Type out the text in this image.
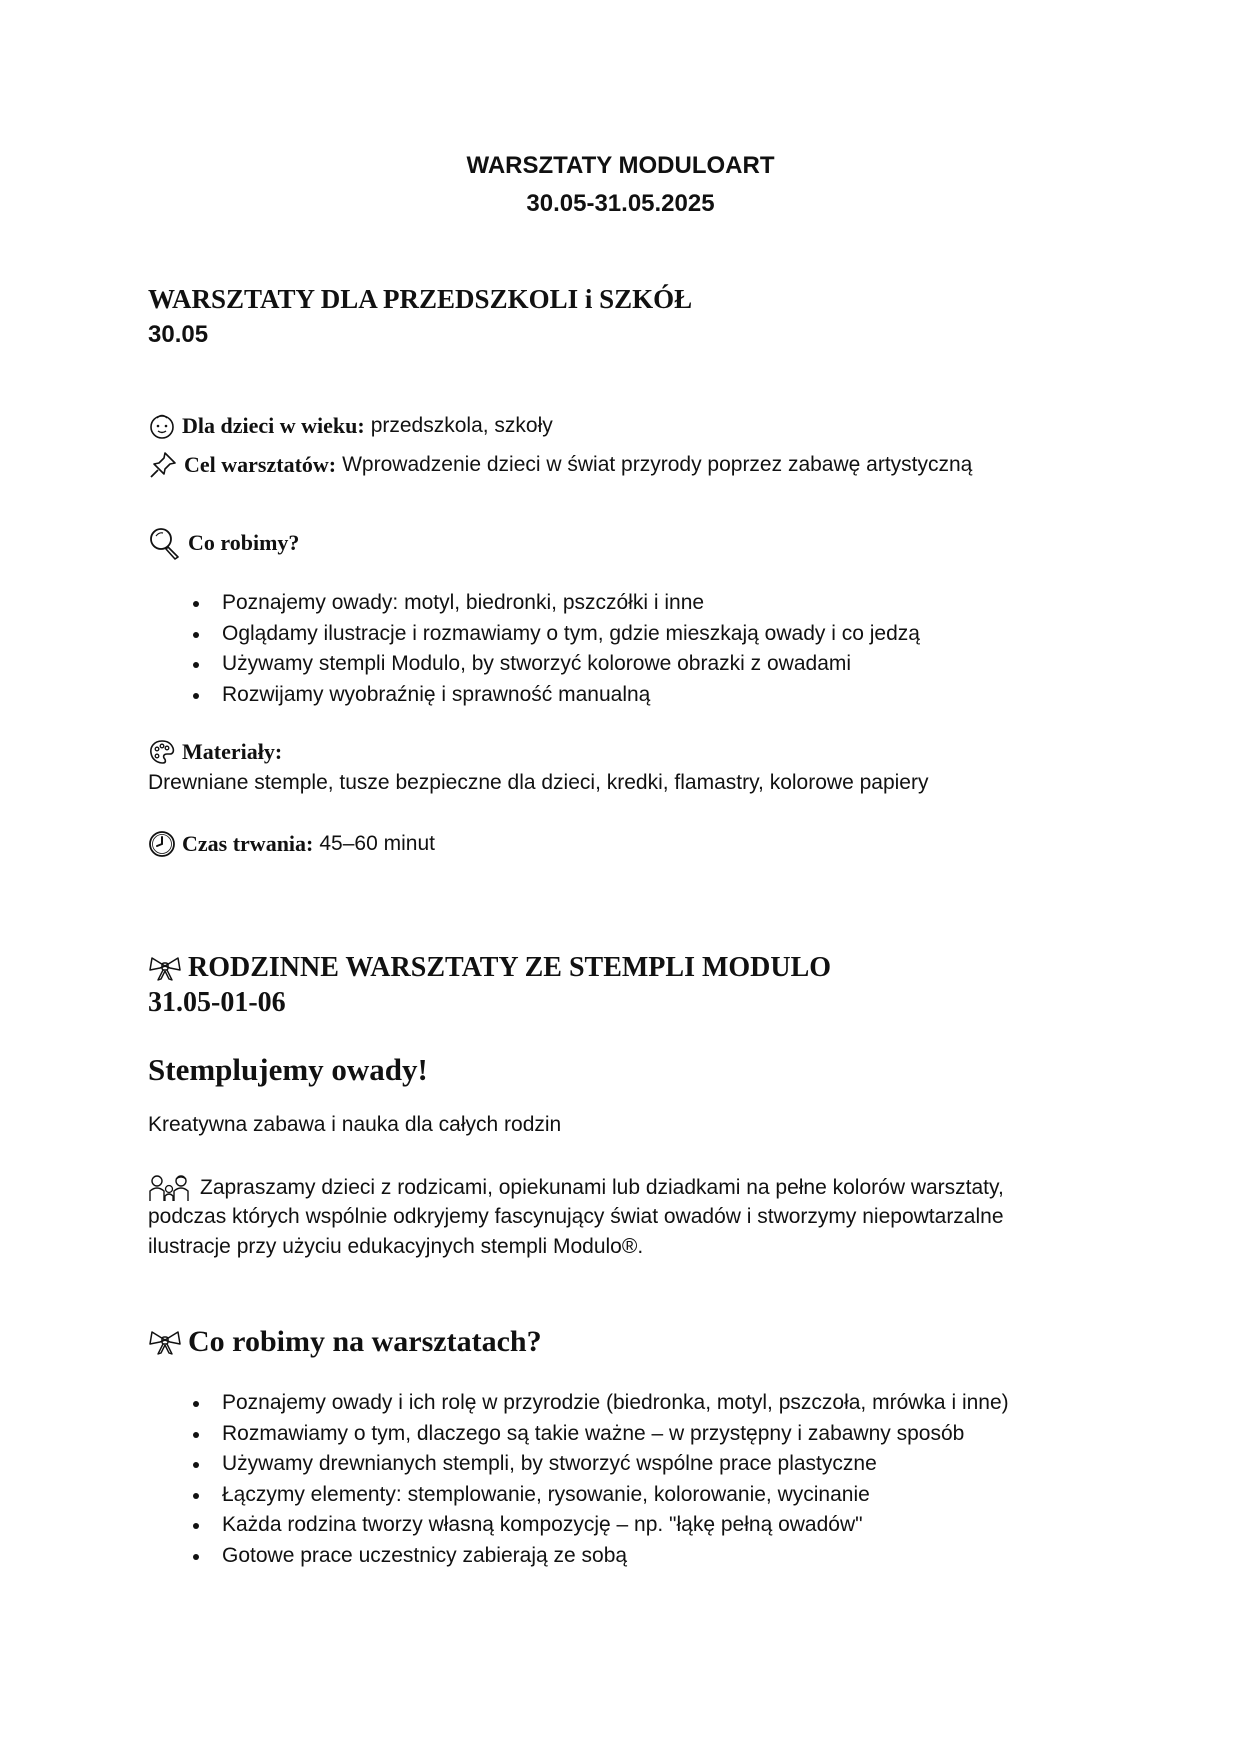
WARSZTATY MODULOART
30.05-31.05.2025
WARSZTATY DLA PRZEDSZKOLI i SZKÓŁ
30.05
Dla dzieci w wieku: przedszkola, szkoły
Cel warsztatów: Wprowadzenie dzieci w świat przyrody poprzez zabawę artystyczną
Co robimy?
Poznajemy owady: motyl, biedronki, pszczółki i inne
Oglądamy ilustracje i rozmawiamy o tym, gdzie mieszkają owady i co jedzą
Używamy stempli Modulo, by stworzyć kolorowe obrazki z owadami
Rozwijamy wyobraźnię i sprawność manualną
Materiały:
Drewniane stemple, tusze bezpieczne dla dzieci, kredki, flamastry, kolorowe papiery
Czas trwania: 45–60 minut
RODZINNE WARSZTATY ZE STEMPLI MODULO
31.05-01-06
Stemplujemy owady!
Kreatywna zabawa i nauka dla całych rodzin
Zapraszamy dzieci z rodzicami, opiekunami lub dziadkami na pełne kolorów warsztaty,
podczas których wspólnie odkryjemy fascynujący świat owadów i stworzymy niepowtarzalne
ilustracje przy użyciu edukacyjnych stempli Modulo®.
Co robimy na warsztatach?
Poznajemy owady i ich rolę w przyrodzie (biedronka, motyl, pszczoła, mrówka i inne)
Rozmawiamy o tym, dlaczego są takie ważne – w przystępny i zabawny sposób
Używamy drewnianych stempli, by stworzyć wspólne prace plastyczne
Łączymy elementy: stemplowanie, rysowanie, kolorowanie, wycinanie
Każda rodzina tworzy własną kompozycję – np. "łąkę pełną owadów"
Gotowe prace uczestnicy zabierają ze sobą
